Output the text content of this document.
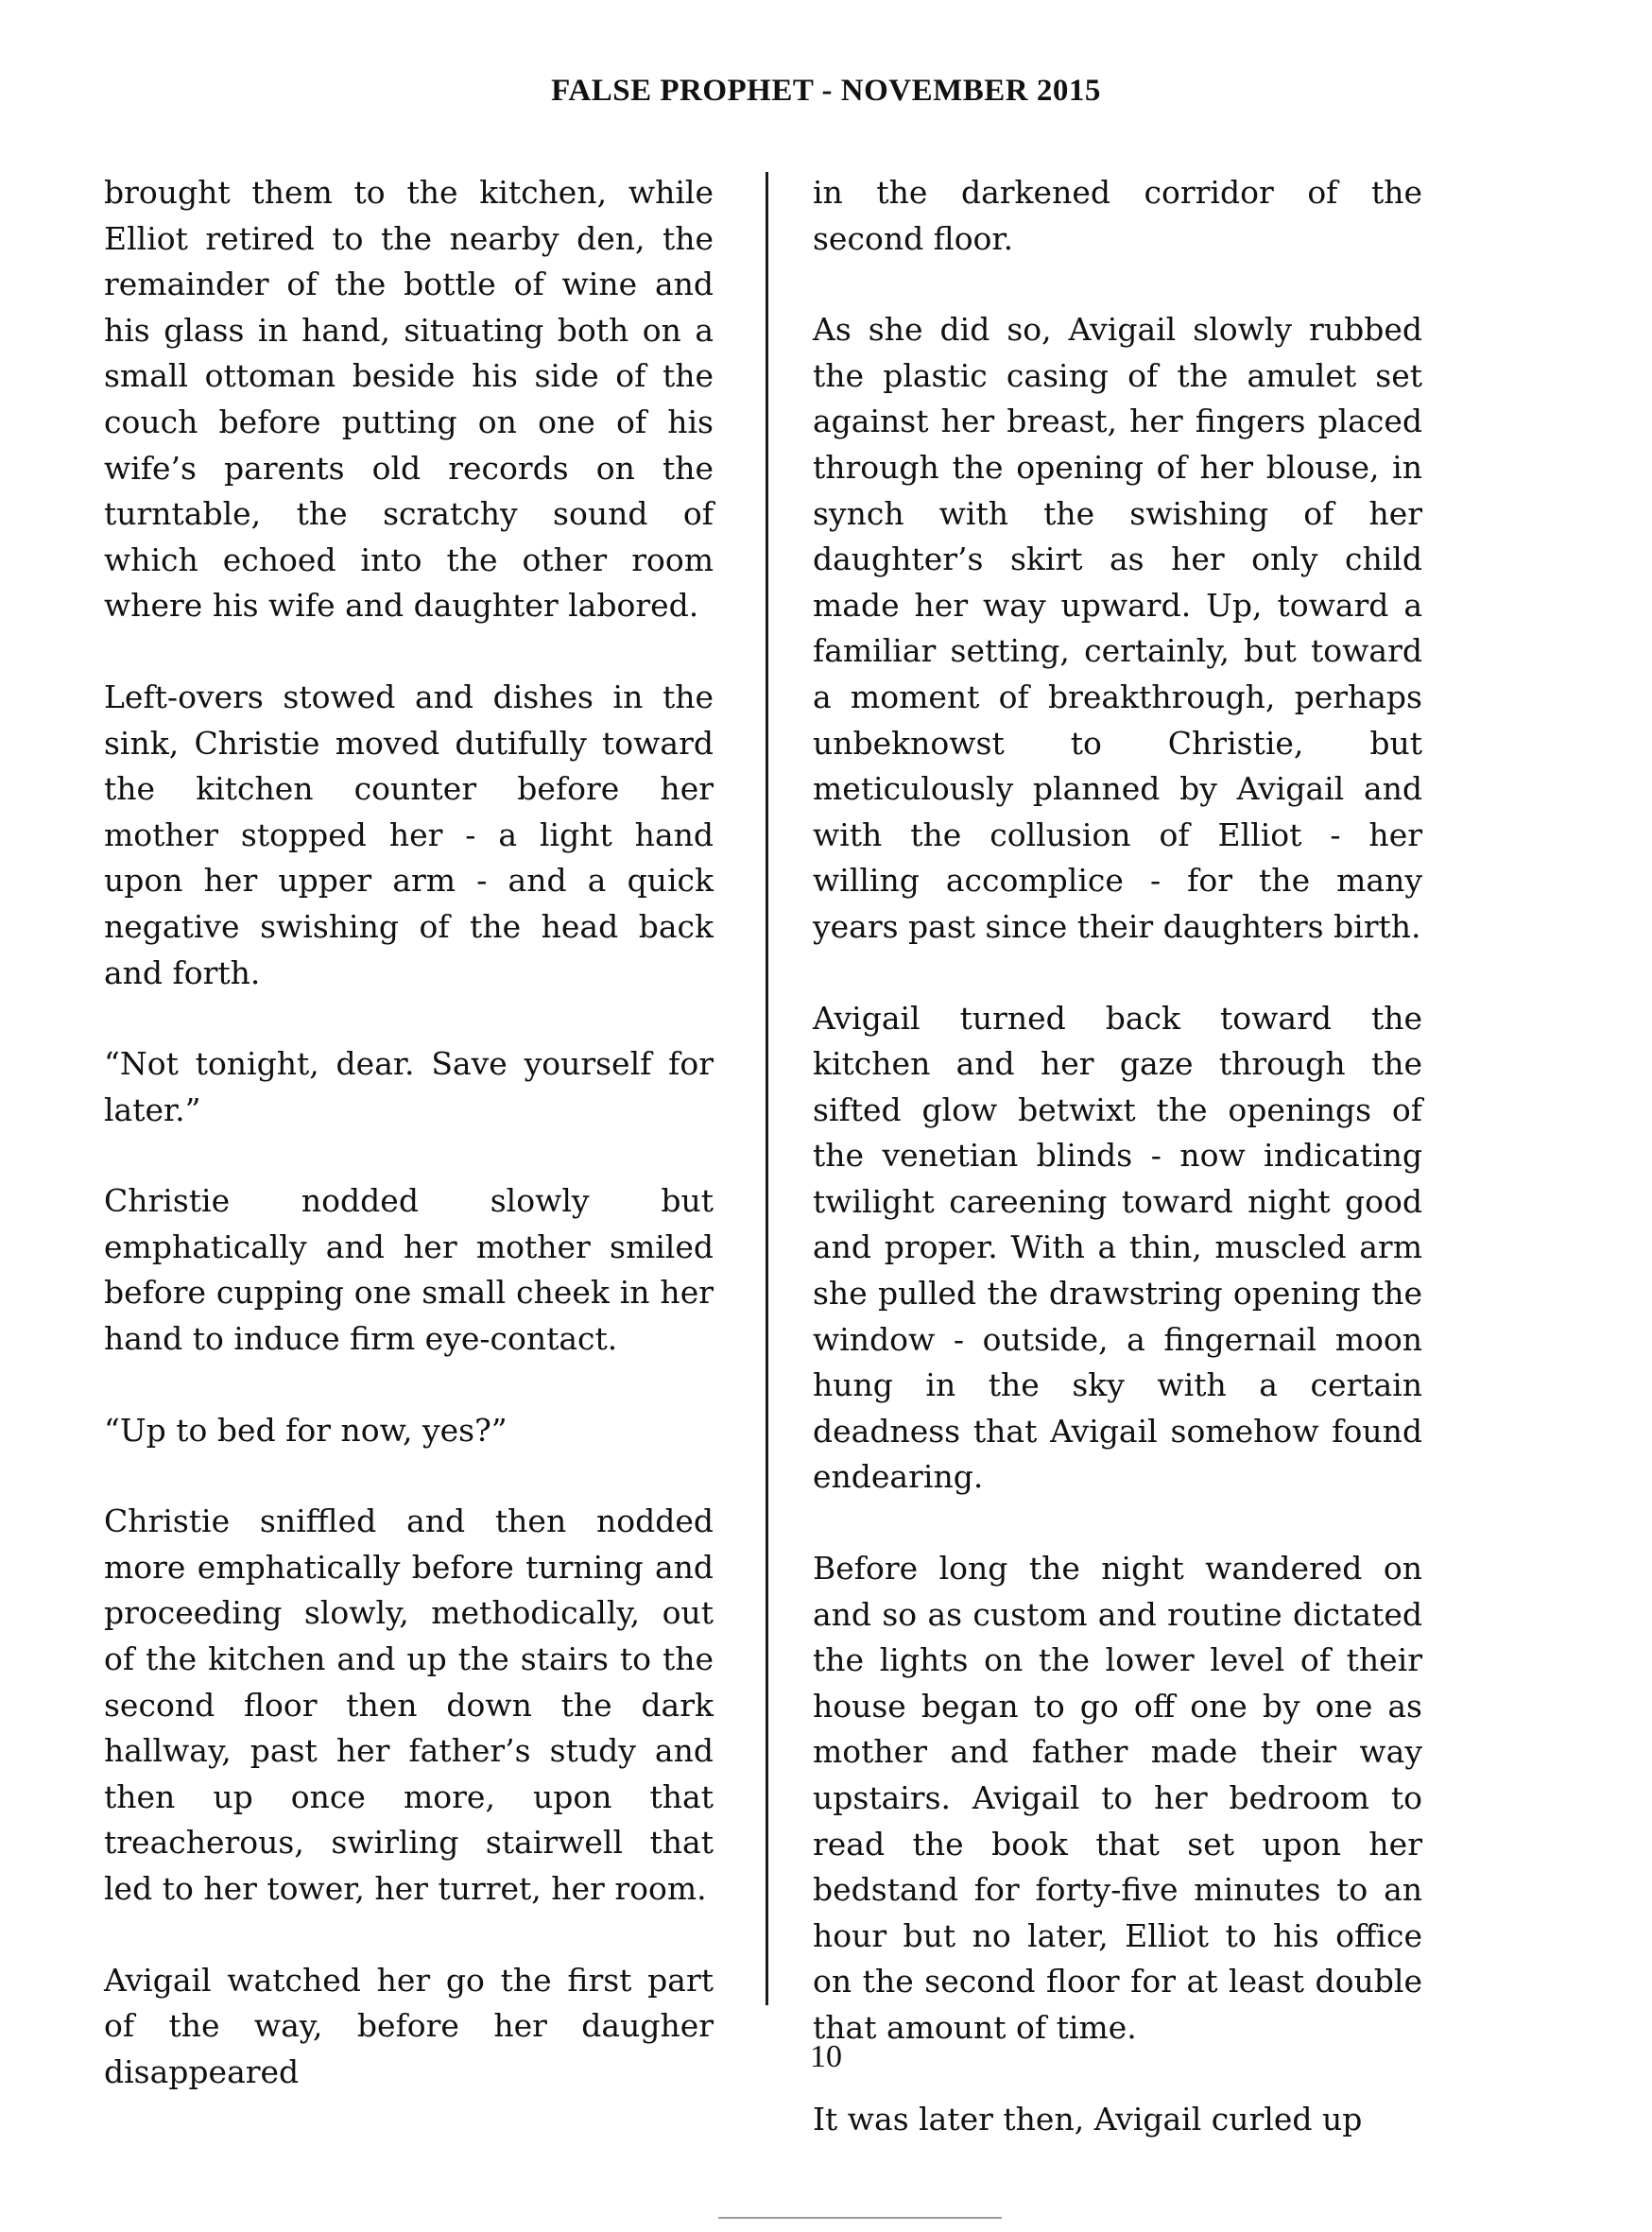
FALSE PROPHET - NOVEMBER 2015

brought them to the kitchen, while Elliot retired to the nearby den, the remainder of the bottle of wine and his glass in hand, situating both on a small ottoman beside his side of the couch before putting on one of his wife’s parents old records on the turntable, the scratchy sound of which echoed into the other room where his wife and daughter labored.

Left-overs stowed and dishes in the sink, Christie moved dutifully toward the kitchen counter before her mother stopped her - a light hand upon her upper arm - and a quick negative swishing of the head back and forth.

“Not tonight, dear. Save yourself for later.”

Christie nodded slowly but emphatically and her mother smiled before cupping one small cheek in her hand to induce firm eye-contact.

“Up to bed for now, yes?”

Christie sniffled and then nodded more emphatically before turning and proceeding slowly, methodically, out of the kitchen and up the stairs to the second floor then down the dark hallway, past her father’s study and then up once more, upon that treacherous, swirling stairwell that led to her tower, her turret, her room.

Avigail watched her go the first part of the way, before her daugher disappeared

in the darkened corridor of the second floor.

As she did so, Avigail slowly rubbed the plastic casing of the amulet set against her breast, her fingers placed through the opening of her blouse, in synch with the swishing of her daughter’s skirt as her only child made her way upward. Up, toward a familiar setting, certainly, but toward a moment of breakthrough, perhaps unbeknowst to Christie, but meticulously planned by Avigail and with the collusion of Elliot - her willing accomplice - for the many years past since their daughters birth.

Avigail turned back toward the kitchen and her gaze through the sifted glow betwixt the openings of the venetian blinds - now indicating twilight careening toward night good and proper. With a thin, muscled arm she pulled the drawstring opening the window - outside, a fingernail moon hung in the sky with a certain deadness that Avigail somehow found endearing.

Before long the night wandered on and so as custom and routine dictated the lights on the lower level of their house began to go off one by one as mother and father made their way upstairs. Avigail to her bedroom to read the book that set upon her bedstand for forty-five minutes to an hour but no later, Elliot to his office on the second floor for at least double that amount of time.

It was later then, Avigail curled up

10
